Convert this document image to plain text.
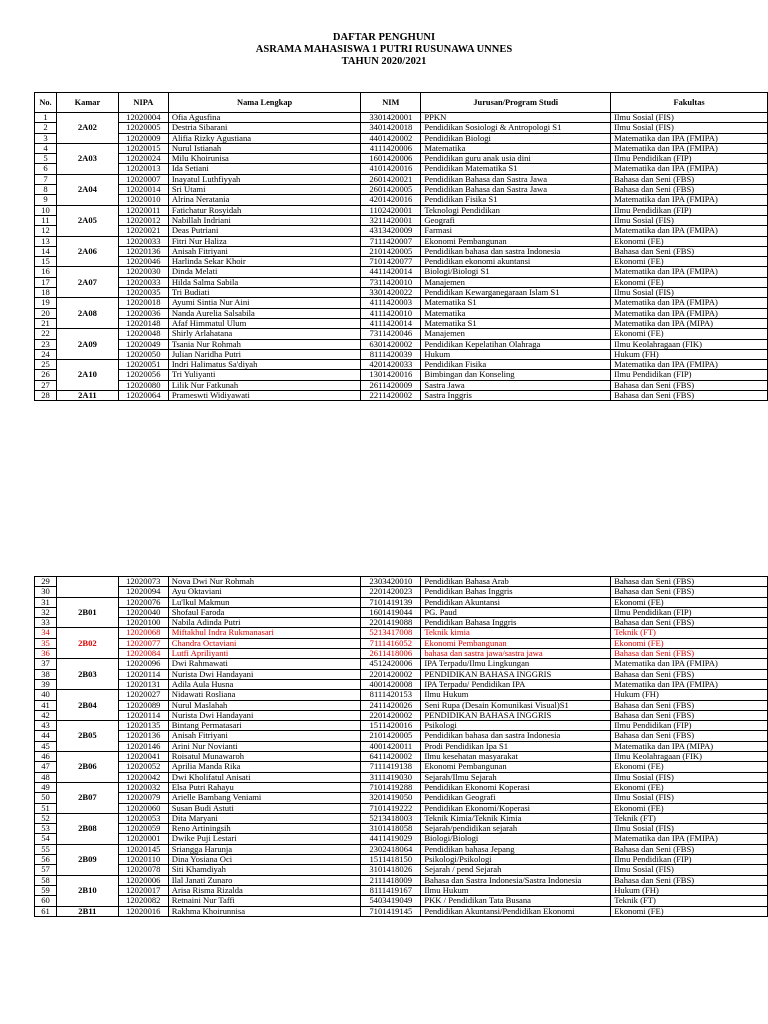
DAFTAR PENGHUNI
ASRAMA MAHASISWA 1 PUTRI RUSUNAWA UNNES
TAHUN 2020/2021
No.	Kamar	NIPA	Nama Lengkap	NIM	Jurusan/Program Studi	Fakultas
1	2A02	12020004	Ofia Agusfina	3301420001	PPKN	Ilmu Sosial (FIS)
2		12020005	Destria Sibarani	3401420018	Pendidikan Sosiologi & Antropologi S1	Ilmu Sosial (FIS)
3		12020009	Alifia Rizky Agustiana	4401420002	Pendidikan Biologi	Matematika dan IPA (FMIPA)
4	2A03	12020015	Nurul Istianah	4111420006	Matematika	Matematika dan IPA (FMIPA)
5		12020024	Milu Khoirunisa	1601420006	Pendidikan guru anak usia dini	Ilmu Pendidikan (FIP)
6		12020013	Ida Setiani	4101420016	Pendidikan Matematika S1	Matematika dan IPA (FMIPA)
7	2A04	12020007	Inayatul Luthfiyyah	2601420021	Pendidikan Bahasa dan Sastra Jawa	Bahasa dan Seni (FBS)
8		12020014	Sri Utami	2601420005	Pendidikan Bahasa dan Sastra Jawa	Bahasa dan Seni (FBS)
9		12020010	Alrina Neratania	4201420016	Pendidikan Fisika S1	Matematika dan IPA (FMIPA)
10	2A05	12020011	Fatichatur Rosyidah	1102420001	Teknologi Pendidikan	Ilmu Pendidikan (FIP)
11		12020012	Nabillah Indriani	3211420001	Geografi	Ilmu Sosial (FIS)
12		12020021	Deas Putriani	4313420009	Farmasi	Matematika dan IPA (FMIPA)
13	2A06	12020033	Fitri Nur Haliza	7111420007	Ekonomi Pembangunan	Ekonomi (FE)
14		12020136	Anisah Fitriyani	2101420005	Pendidikan bahasa dan sastra Indonesia	Bahasa dan Seni (FBS)
15		12020046	Harlinda Sekar Khoir	7101420077	Pendidikan ekonomi akuntansi	Ekonomi (FE)
16	2A07	12020030	Dinda Melati	4411420014	Biologi/Biologi S1	Matematika dan IPA (FMIPA)
17		12020033	Hilda Salma Sabila	7311420010	Manajemen	Ekonomi (FE)
18		12020035	Tri Budiati	3301420022	Pendidikan Kewarganegaraan Islam S1	Ilmu Sosial (FIS)
19	2A08	12020018	Ayumi Sintia Nur Aini	4111420003	Matematika S1	Matematika dan IPA (FMIPA)
20		12020036	Nanda Aurelia Salsabila	4111420010	Matematika	Matematika dan IPA (FMIPA)
21		12020148	Afaf Himmatul Ulum	4111420014	Matematika S1	Matematika dan IPA (MIPA)
22	2A09	12020048	Shirly Arlahatana	7311420046	Manajemen	Ekonomi (FE)
23		12020049	Tsania Nur Rohmah	6301420002	Pendidikan Kepelatihan Olahraga	Ilmu Keolahragaan (FIK)
24		12020050	Julian Naridha Putri	8111420039	Hukum	Hukum (FH)
25	2A10	12020051	Indri Halimatus Sa'diyah	4201420033	Pendidikan Fisika	Matematika dan IPA (FMIPA)
26		12020056	Tri Yuliyanti	1301420016	Bimbingan dan Konseling	Ilmu Pendidikan (FIP)
27		12020080	Lilik Nur Fatkunah	2611420009	Sastra Jawa	Bahasa dan Seni (FBS)
28	2A11	12020064	Prameswti Widiyawati	2211420002	Sastra Inggris	Bahasa dan Seni (FBS)
29		12020073	Nova Dwi Nur Rohmah	2303420010	Pendidikan Bahasa Arab	Bahasa dan Seni (FBS)
30		12020094	Ayu Oktaviani	2201420023	Pendidikan Bahas Inggris	Bahasa dan Seni (FBS)
31	2B01	12020076	Lu'lkul Makmun	7101419139	Pendidikan Akuntansi	Ekonomi (FE)
32		12020040	Shofaul Faroda	1601419044	PG. Paud	Ilmu Pendidikan (FIP)
33		12020100	Nabila Adinda Putri	2201419088	Pendidikan Bahasa Inggris	Bahasa dan Seni (FBS)
34	2B02	12020068	Miftakhul Indra Rukmanasari	5213417008	Teknik kimia	Teknik (FT)
35		12020077	Chandra Octaviani	7111416052	Ekonomi Pembangunan	Ekonomi (FE)
36		12020084	Lutfi Apriliyanti	2611418006	bahasa dan sastra jawa/sastra jawa	Bahasa dan Seni (FBS)
37	2B03	12020096	Dwi Rahmawati	4512420006	IPA Terpadu/Ilmu Lingkungan	Matematika dan IPA (FMIPA)
38		12020114	Nurista Dwi Handayani	2201420002	PENDIDIKAN BAHASA INGGRIS	Bahasa dan Seni (FBS)
39		12020131	Adila Aula Husna	4001420008	IPA Terpadu/ Pendidikan IPA	Matematika dan IPA (FMIPA)
40	2B04	12020027	Nidawati Rosliana	8111420153	Ilmu Hukum	Hukum (FH)
41		12020089	Nurul Maslahah	2411420026	Seni Rupa (Desain Komunikasi Visual)S1	Bahasa dan Seni (FBS)
42		12020114	Nurista Dwi Handayani	2201420002	PENDIDIKAN BAHASA INGGRIS	Bahasa dan Seni (FBS)
43	2B05	12020135	Bintang Permatasari	1511420016	Psikologi	Ilmu Pendidikan (FIP)
44		12020136	Anisah Fitriyani	2101420005	Pendidikan bahasa dan sastra Indonesia	Bahasa dan Seni (FBS)
45		12020146	Arini Nur Novianti	4001420011	Prodi Pendidikan Ipa S1	Matematika dan IPA (MIPA)
46	2B06	12020041	Roisatul Munawaroh	6411420002	Ilmu kesehatan masyarakat	Ilmu Keolahragaan (FIK)
47		12020052	Aprilia Manda Rika	7111419138	Ekonomi Pembangunan	Ekonomi (FE)
48		12020042	Dwi Kholifatul Anisati	3111419030	Sejarah/Ilmu Sejarah	Ilmu Sosial (FIS)
49	2B07	12020032	Elsa Putri Rahayu	7101419288	Pendidikan Ekonomi Koperasi	Ekonomi (FE)
50		12020079	Arielle Bambang Veniami	3201419050	Pendidikan Geografi	Ilmu Sosial (FIS)
51		12020060	Susan Budi Astuti	7101419222	Pendidikan Ekonomi/Koperasi	Ekonomi (FE)
52	2B08	12020053	Dita Maryani	5213418003	Teknik Kimia/Teknik Kimia	Teknik (FT)
53		12020059	Reno Artiningsih	3101418058	Sejarah/pendidikan sejarah	Ilmu Sosial (FIS)
54		12020001	Dwike Puji Lestari	4411419029	Biologi/Biologi	Matematika dan IPA (FMIPA)
55	2B09	12020145	Sriangga Harunja	2302418064	Pendidikan bahasa Jepang	Bahasa dan Seni (FBS)
56		12020110	Dina Yosiana Oci	1511418150	Psikologi/Psikologi	Ilmu Pendidikan (FIP)
57		12020078	Siti Khamdiyah	3101418026	Sejarah / pend Sejarah	Ilmu Sosial (FIS)
58	2B10	12020006	Ilal Janati Zunaro	2111418009	Bahasa dan Sastra Indonesia/Sastra Indonesia	Bahasa dan Seni (FBS)
59		12020017	Arisa Risma Rizalda	8111419167	Ilmu Hukum	Hukum (FH)
60		12020082	Retnaini Nur Taffi	5403419049	PKK / Pendidikan Tata Busana	Teknik (FT)
61	2B11	12020016	Rakhma Khoirunnisa	7101419145	Pendidikan Akuntansi/Pendidikan Ekonomi	Ekonomi (FE)
